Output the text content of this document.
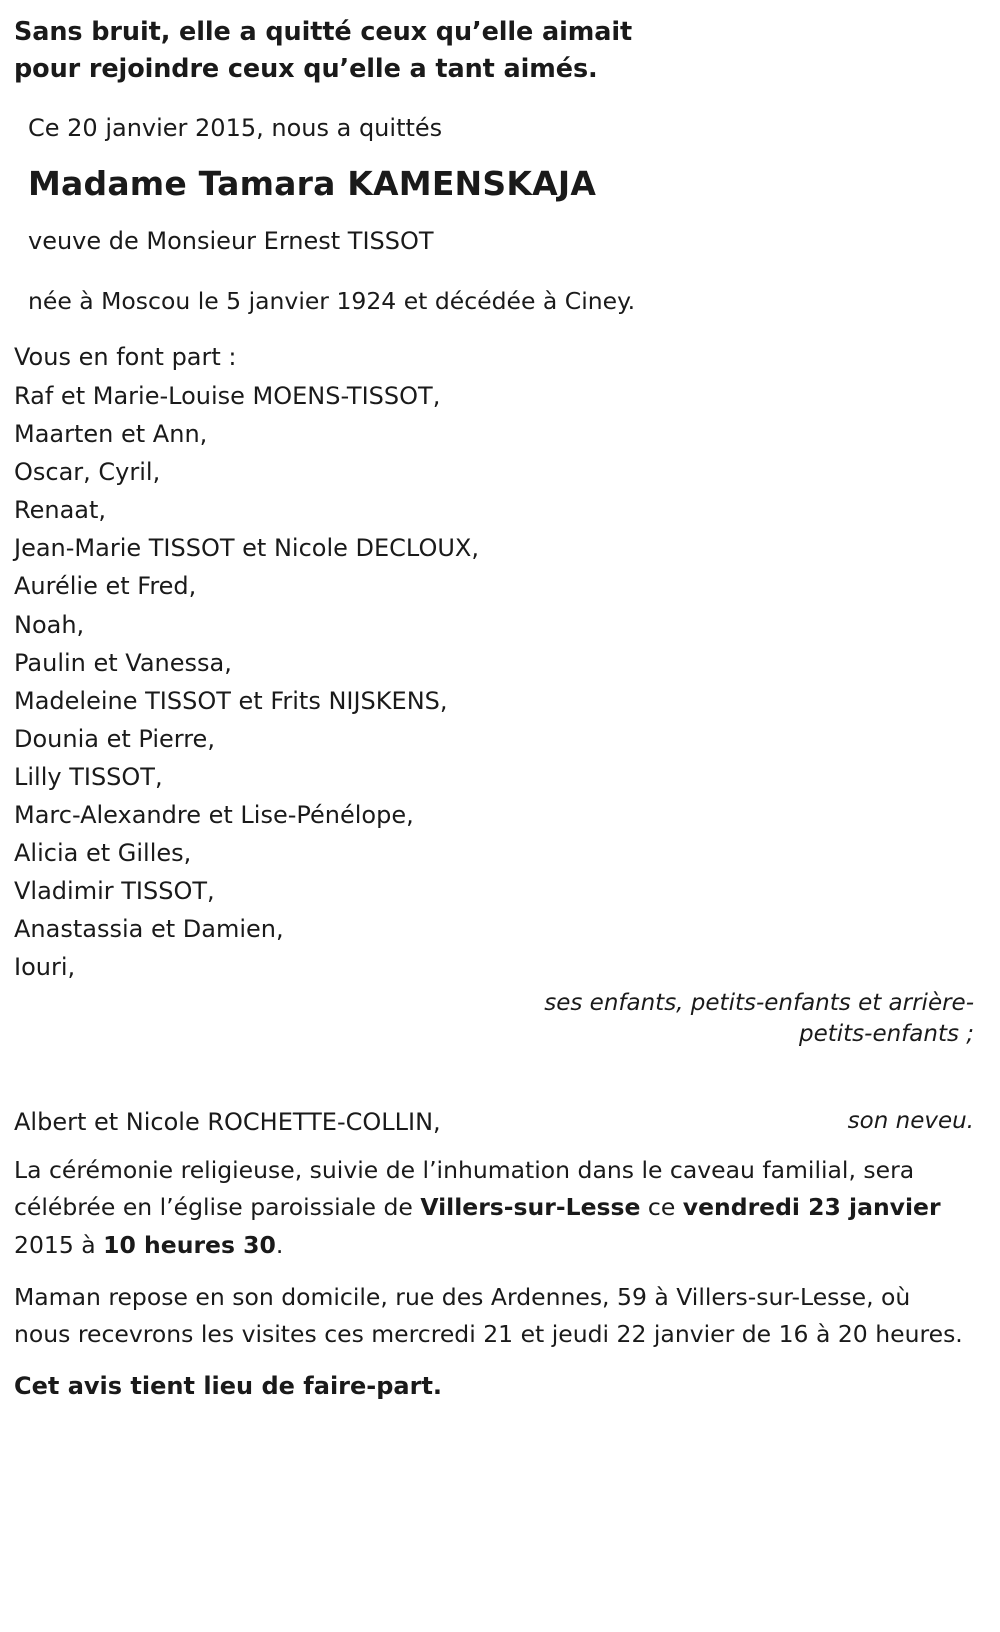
Sans bruit, elle a quitté ceux qu’elle aimait
pour rejoindre ceux qu’elle a tant aimés.

Ce 20 janvier 2015, nous a quittés

Madame Tamara KAMENSKAJA

veuve de Monsieur Ernest TISSOT

née à Moscou le 5 janvier 1924 et décédée à Ciney.

Vous en font part :

Raf et Marie-Louise MOENS-TISSOT,
Maarten et Ann,
Oscar, Cyril,
Renaat,
Jean-Marie TISSOT et Nicole DECLOUX,
Aurélie et Fred,
Noah,
Paulin et Vanessa,
Madeleine TISSOT et Frits NIJSKENS,
Dounia et Pierre,
Lilly TISSOT,
Marc-Alexandre et Lise-Pénélope,
Alicia et Gilles,
Vladimir TISSOT,
Anastassia et Damien,
Iouri,
ses enfants, petits-enfants et arrière-petits-enfants ;
Albert et Nicole ROCHETTE-COLLIN,	son neveu.

La cérémonie religieuse, suivie de l’inhumation dans le caveau familial, sera célébrée en l’église paroissiale de Villers-sur-Lesse ce vendredi 23 janvier 2015 à 10 heures 30.

Maman repose en son domicile, rue des Ardennes, 59 à Villers-sur-Lesse, où nous recevrons les visites ces mercredi 21 et jeudi 22 janvier de 16 à 20 heures.

Cet avis tient lieu de faire-part.
